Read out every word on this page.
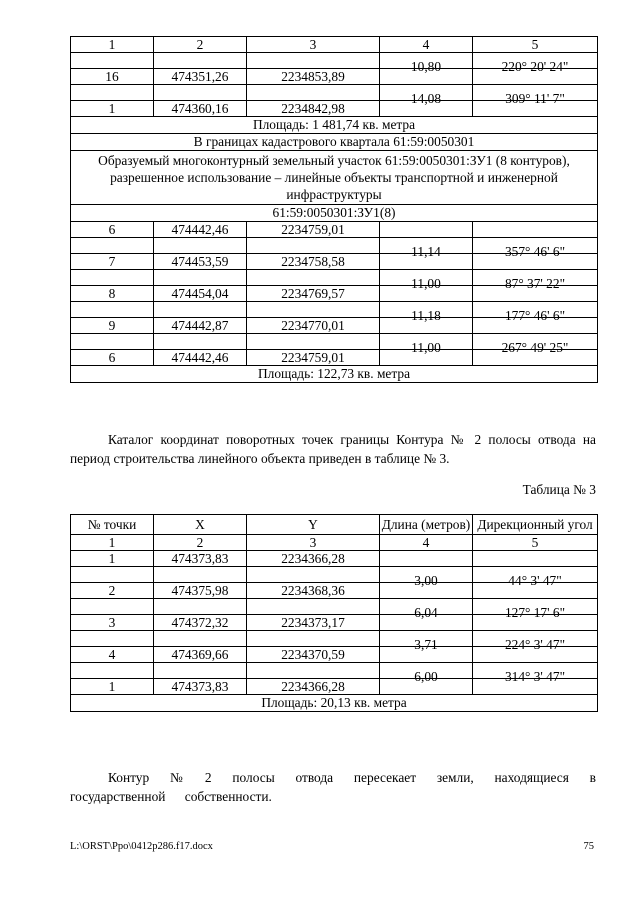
1	2	3	4	5
			10,80	220° 20' 24"
16	474351,26	2234853,89		
			14,08	309° 11' 7"
1	474360,16	2234842,98		
Площадь: 1 481,74 кв. метра				
В границах кадастрового квартала 61:59:0050301				
Образуемый многоконтурный земельный участок 61:59:0050301:ЗУ1 (8 контуров), разрешенное использование – линейные объекты транспортной и инженерной инфраструктуры				
61:59:0050301:ЗУ1(8)				
6	474442,46	2234759,01		
			11,14	357° 46' 6"
7	474453,59	2234758,58		
			11,00	87° 37' 22"
8	474454,04	2234769,57		
			11,18	177° 46' 6"
9	474442,87	2234770,01		
			11,00	267° 49' 25"
6	474442,46	2234759,01		
Площадь: 122,73 кв. метра				

Каталог координат поворотных точек границы Контура № 2 полосы отвода на период строительства линейного объекта приведен в таблице № 3.

Таблица № 3

№ точки	X	Y	Длина (метров)	Дирекционный угол
1	2	3	4	5
1	474373,83	2234366,28		
			3,00	44° 3' 47"
2	474375,98	2234368,36		
			6,04	127° 17' 6"
3	474372,32	2234373,17		
			3,71	224° 3' 47"
4	474369,66	2234370,59		
			6,00	314° 3' 47"
1	474373,83	2234366,28		
Площадь: 20,13 кв. метра				

Контур № 2 полосы отвода пересекает земли, находящиеся в государственной собственности.

L:\ORST\Ppo\0412p286.f17.docx	75
